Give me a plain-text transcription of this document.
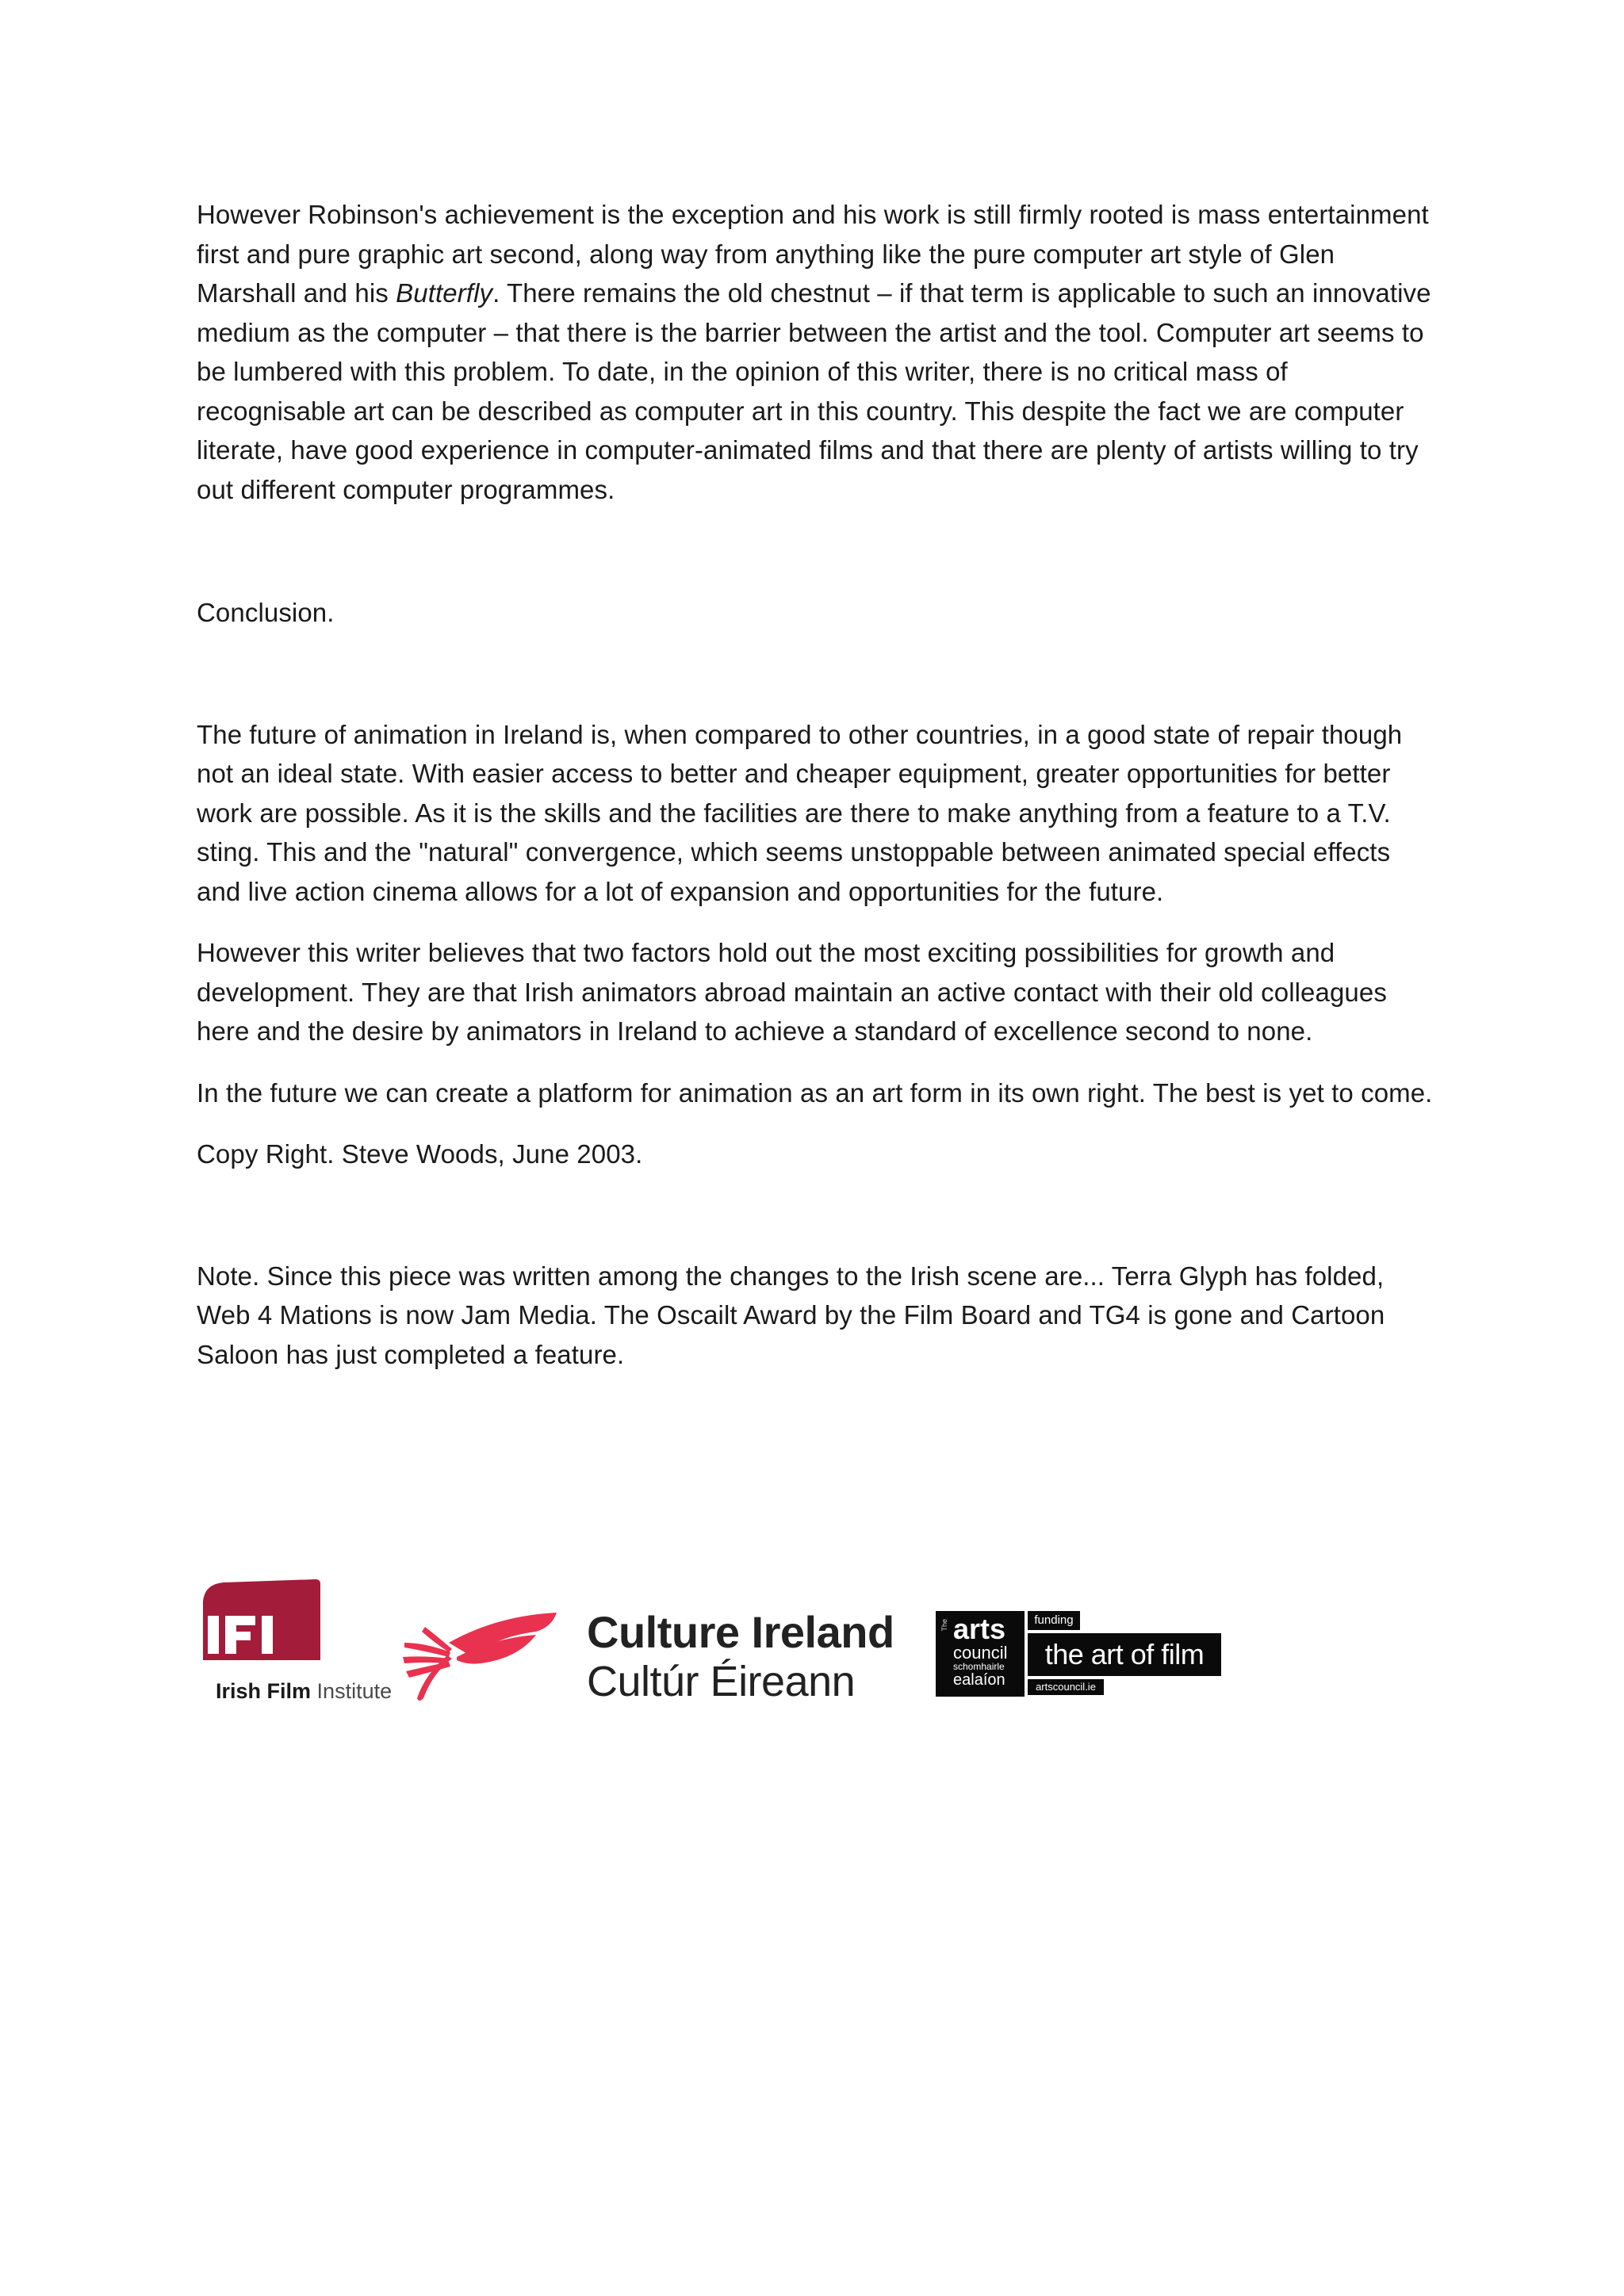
However Robinson's achievement is the exception and his work is still firmly rooted is mass entertainment first and pure graphic art second, along way from anything like the pure computer art style of Glen Marshall and his Butterfly. There remains the old chestnut – if that term is applicable to such an innovative medium as the computer – that there is the barrier between the artist and the tool. Computer art seems to be lumbered with this problem. To date, in the opinion of this writer, there is no critical mass of recognisable art can be described as computer art in this country. This despite the fact we are computer literate, have good experience in computer-animated films and that there are plenty of artists willing to try out different computer programmes.

Conclusion.

The future of animation in Ireland is, when compared to other countries, in a good state of repair though not an ideal state. With easier access to better and cheaper equipment, greater opportunities for better work are possible. As it is the skills and the facilities are there to make anything from a feature to a T.V. sting. This and the "natural" convergence, which seems unstoppable between animated special effects and live action cinema allows for a lot of expansion and opportunities for the future.

However this writer believes that two factors hold out the most exciting possibilities for growth and development. They are that Irish animators abroad maintain an active contact with their old colleagues here and the desire by animators in Ireland to achieve a standard of excellence second to none.

In the future we can create a platform for animation as an art form in its own right. The best is yet to come.

Copy Right. Steve Woods, June 2003.

Note. Since this piece was written among the changes to the Irish scene are... Terra Glyph has folded, Web 4 Mations is now Jam Media. The Oscailt Award by the Film Board and TG4 is gone and Cartoon Saloon has just completed a feature.

Irish Film Institute
Culture Ireland
Cultúr Éireann
The arts
council
schomhairle
ealaíon
funding
the art of film
artscouncil.ie
